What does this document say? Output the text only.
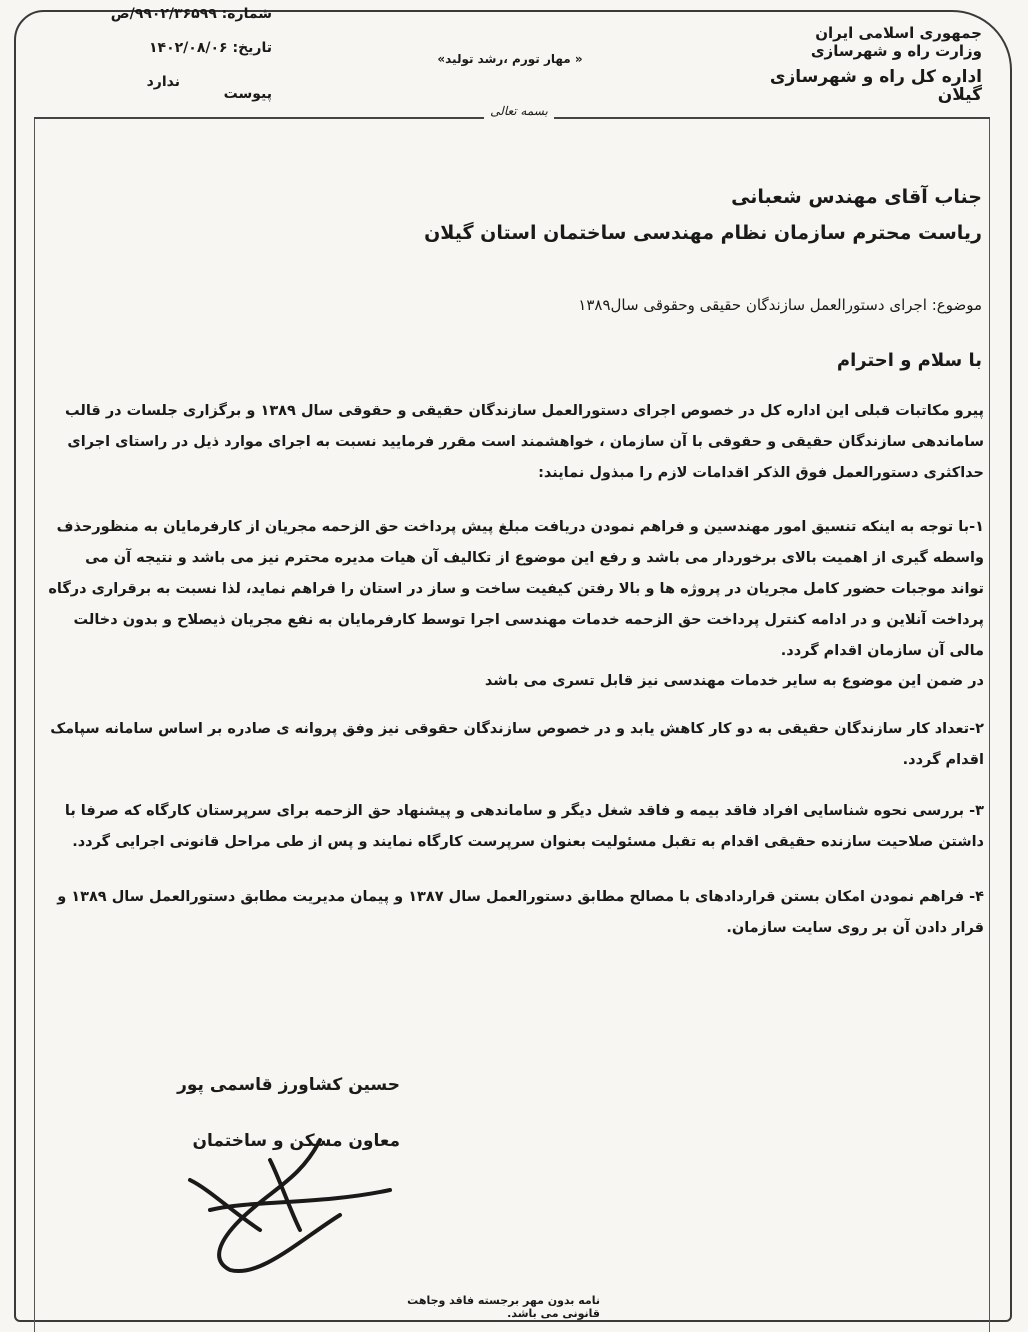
جمهوری اسلامی ایران
وزارت راه و شهرسازی
اداره کل راه و شهرسازی گیلان
« مهار تورم ،رشد تولید»
شماره: ۹۹۰۲/۳۶۵۹۹/ص
تاریخ: ۱۴۰۲/۰۸/۰۶
ندارد
پیوست
بسمه تعالی
جناب آقای مهندس شعبانی
ریاست محترم سازمان نظام مهندسی ساختمان استان گیلان
موضوع: اجرای دستورالعمل سازندگان حقیقی وحقوقی سال۱۳۸۹
با سلام و احترام
پیرو مکاتبات قبلی این اداره کل در خصوص اجرای دستورالعمل سازندگان حقیقی و حقوقی سال ۱۳۸۹ و برگزاری جلسات در قالب ساماندهی سازندگان حقیقی و حقوقی با آن سازمان ، خواهشمند است مقرر فرمایید نسبت به اجرای موارد ذیل در راستای اجرای حداکثری دستورالعمل فوق الذکر اقدامات لازم را مبذول نمایند:
۱-با توجه به اینکه تنسیق امور مهندسین و فراهم نمودن دریافت مبلغ پیش پرداخت حق الزحمه مجریان از کارفرمایان به منظورحذف واسطه گیری از اهمیت بالای برخوردار می باشد و رفع این موضوع از تکالیف آن هیات مدیره محترم نیز می باشد و نتیجه آن می تواند موجبات حضور کامل مجریان در پروژه ها و بالا رفتن کیفیت ساخت و ساز در استان را فراهم نماید، لذا نسبت به برقراری درگاه پرداخت آنلاین و در ادامه کنترل پرداخت حق الزحمه خدمات مهندسی اجرا توسط کارفرمایان به نفع مجریان ذیصلاح و بدون دخالت مالی آن سازمان اقدام گردد.
در ضمن این موضوع به سایر خدمات مهندسی نیز قابل تسری می باشد
۲-تعداد کار سازندگان حقیقی به دو کار کاهش یابد و در خصوص سازندگان حقوقی نیز وفق پروانه ی صادره بر اساس سامانه سپامک اقدام گردد.
۳- بررسی نحوه شناسایی افراد فاقد بیمه و فاقد شغل دیگر و ساماندهی و پیشنهاد حق الزحمه برای سرپرستان کارگاه که صرفا با داشتن صلاحیت سازنده حقیقی اقدام به تقبل مسئولیت بعنوان سرپرست کارگاه نمایند و پس از طی مراحل قانونی اجرایی گردد.
۴- فراهم نمودن امکان بستن قراردادهای با مصالح مطابق دستورالعمل سال ۱۳۸۷ و پیمان مدیریت مطابق دستورالعمل سال ۱۳۸۹ و قرار دادن آن بر روی سایت سازمان.
حسین کشاورز قاسمی پور
معاون مسکن و ساختمان
نامه بدون مهر برجسته فاقد وجاهت قانونی می باشد.
